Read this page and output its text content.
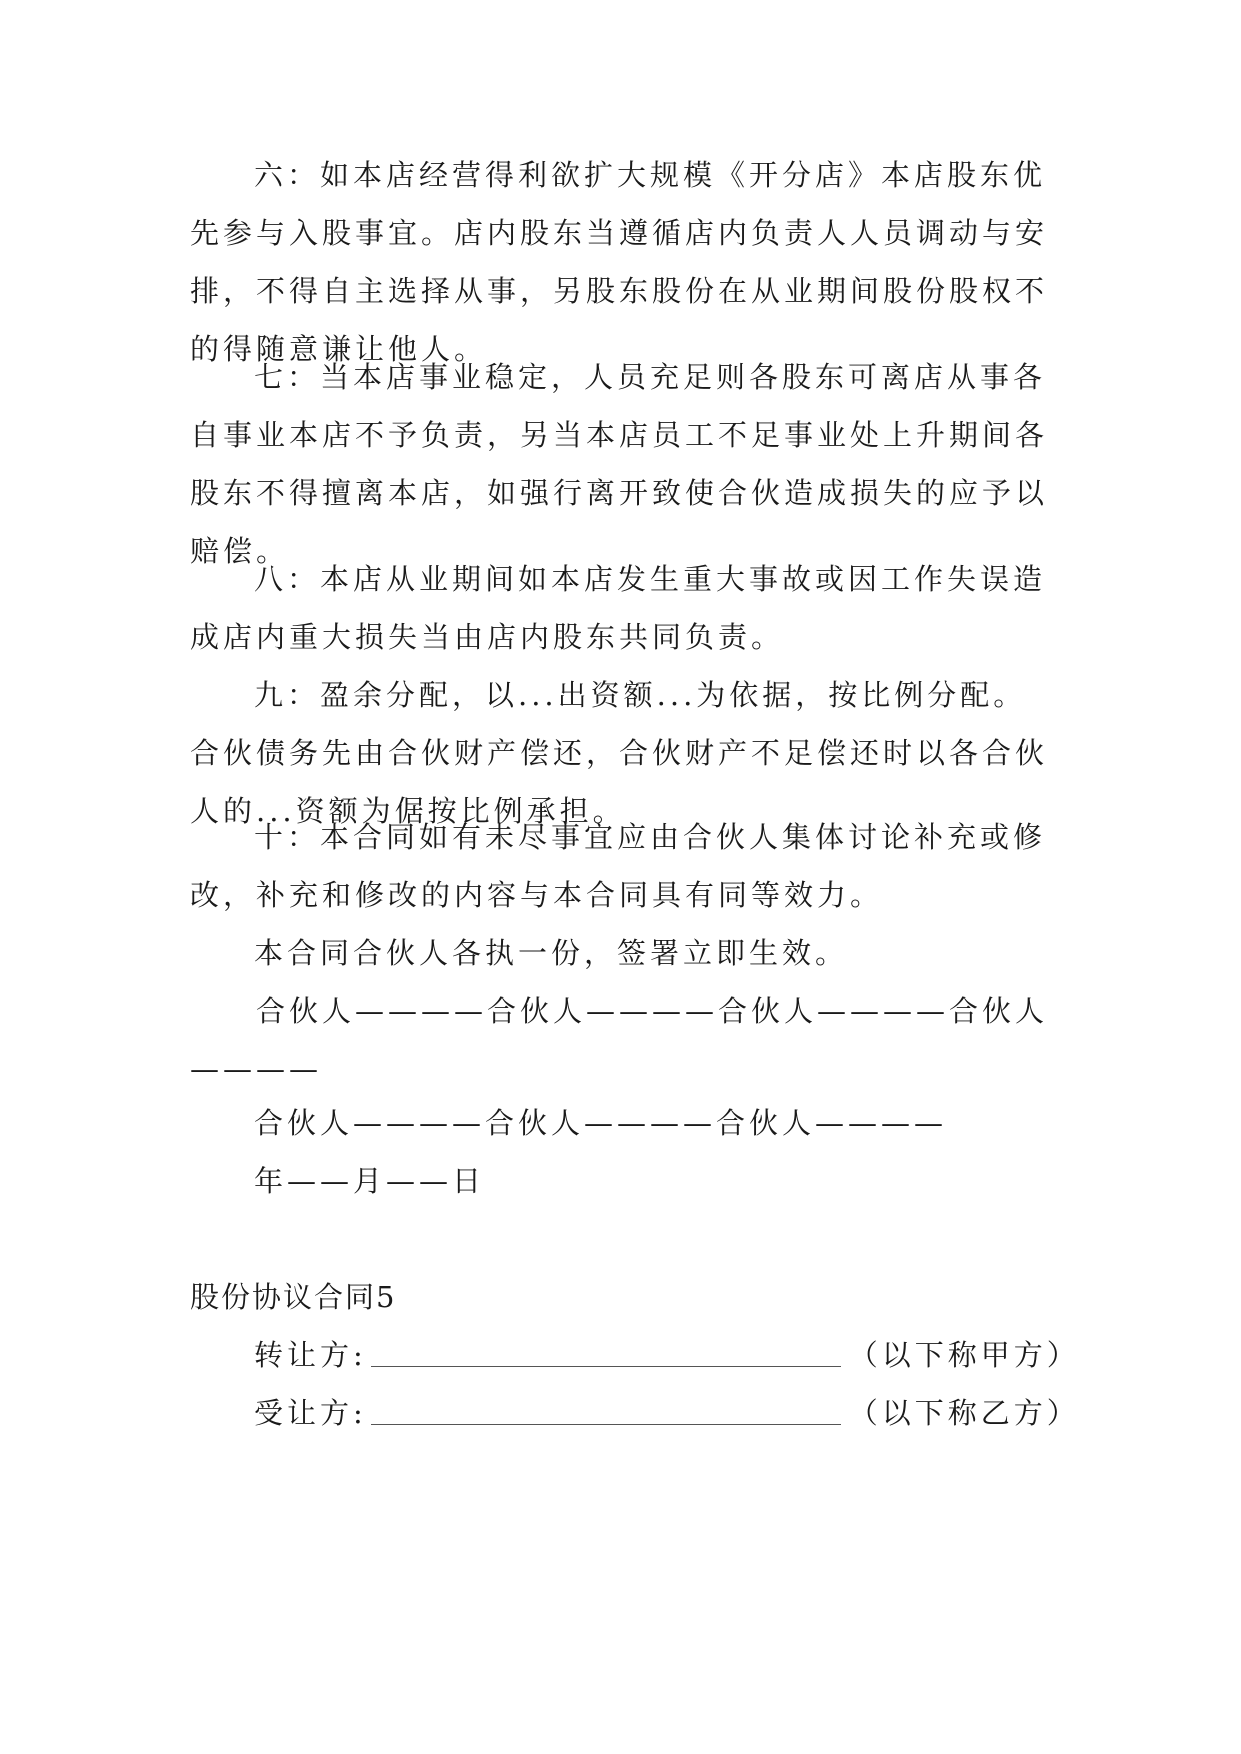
六：如本店经营得利欲扩大规模《开分店》本店股东优先参与入股事宜。店内股东当遵循店内负责人人员调动与安排，不得自主选择从事，另股东股份在从业期间股份股权不的得随意谦让他人。

七：当本店事业稳定，人员充足则各股东可离店从事各自事业本店不予负责，另当本店员工不足事业处上升期间各股东不得擅离本店，如强行离开致使合伙造成损失的应予以赔偿。

八：本店从业期间如本店发生重大事故或因工作失误造成店内重大损失当由店内股东共同负责。

九：盈余分配，以...出资额...为依据，按比例分配。合伙债务先由合伙财产偿还，合伙财产不足偿还时以各合伙人的...资额为倨按比例承担。

十：本合同如有未尽事宜应由合伙人集体讨论补充或修改，补充和修改的内容与本合同具有同等效力。

本合同合伙人各执一份，签署立即生效。

合伙人————合伙人————合伙人————合伙人————

合伙人————合伙人————合伙人————

年——月——日

股份协议合同5

转让方:	（以下称甲方）
受让方:	（以下称乙方）
